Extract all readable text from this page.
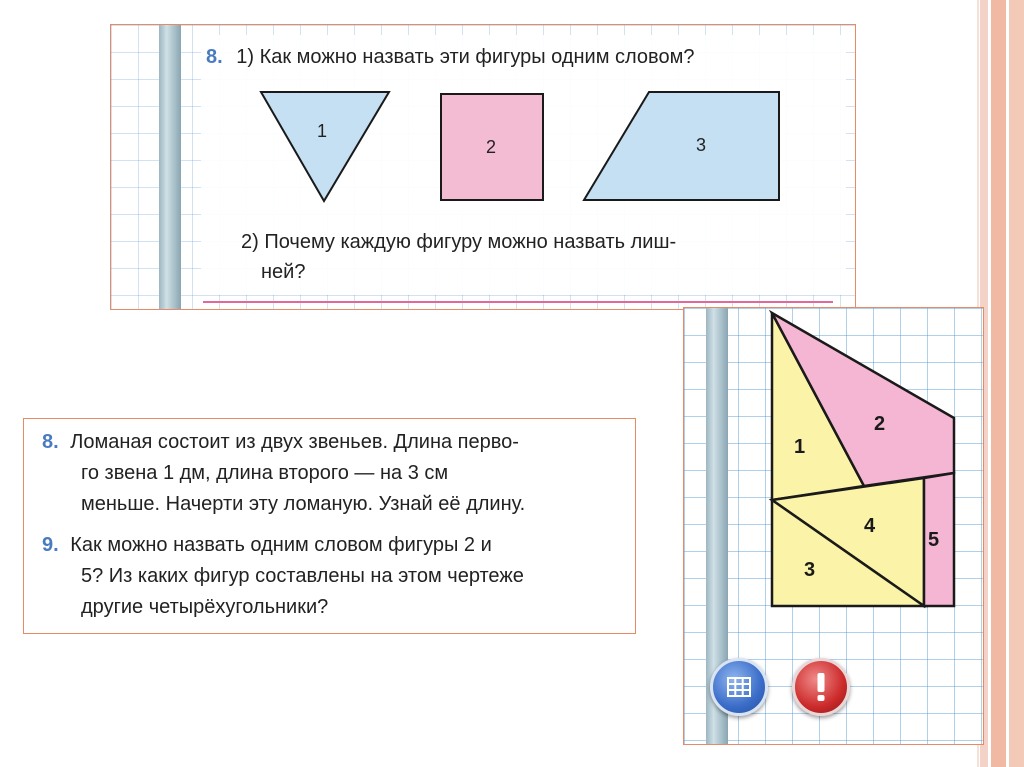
8. 1) Как можно назвать эти фигуры одним словом?
1
2	3
2) Почему каждую фигуру можно назвать лиш-
ней?
8. Ломаная состоит из двух звеньев. Длина перво-
го звена 1 дм, длина второго — на 3 см
меньше. Начерти эту ломаную. Узнай её длину.
9. Как можно назвать одним словом фигуры 2 и
5? Из каких фигур составлены на этом чертеже
другие четырёхугольники?
1
2
3
4
5
